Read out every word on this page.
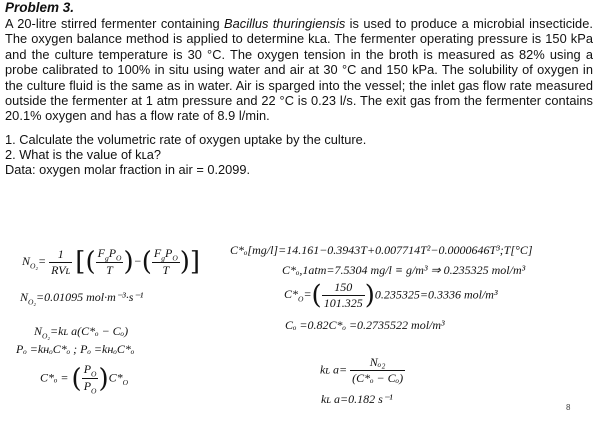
Problem 3.

A 20-litre stirred fermenter containing Bacillus thuringiensis is used to produce a microbial insecticide. The oxygen balance method is applied to determine kʟa. The fermenter operating pressure is 150 kPa and the culture temperature is 30 °C. The oxygen tension in the broth is measured as 82% using a probe calibrated to 100% in situ using water and air at 30 °C and 150 kPa. The solubility of oxygen in the culture fluid is the same as in water. Air is sparged into the vessel; the inlet gas flow rate measured outside the fermenter at 1 atm pressure and 22 °C is 0.23 l/s. The exit gas from the fermenter contains 20.1% oxygen and has a flow rate of 8.9 l/min.

1. Calculate the volumetric rate of oxygen uptake by the culture.
2. What is the value of kʟa?
Data: oxygen molar fraction in air = 0.2099.
$N_{O_2}= \frac{1}{\text{RVʟ}}$ [( $\frac{F_gP_O}{T}$ )−( $\frac{F_gP_O}{T}$ )]
$N_{O_2}=0.01095$ mol·m⁻³·s⁻¹
$N_{O_2}=kʟ$ a(C*ₒ − Cₒ)
Pₒ =kʜₒC*ₒ ; Pₒ =kʜₒC*ₒ
C*ₒ = ( $\frac{P_O}{P_O} )C*_O$
C*ₒ[mg/l]=14.161−0.3943T+0.007714T²−0.0000646T³;T[°C]
C*ₒ,1atm=7.5304 mg/l ≡ g/m³ ⇒ 0.235325 mol/m³
$C*_O=( \frac{150}{101.325} )0.235325=0.3336$ mol/m³
Cₒ =0.82C*ₒ =0.2735522 mol/m³
kʟ $a= \frac{\text{Nₒ₂}}{\text{(C*ₒ − Cₒ)}}$
kʟ a=0.182 s⁻¹
8
